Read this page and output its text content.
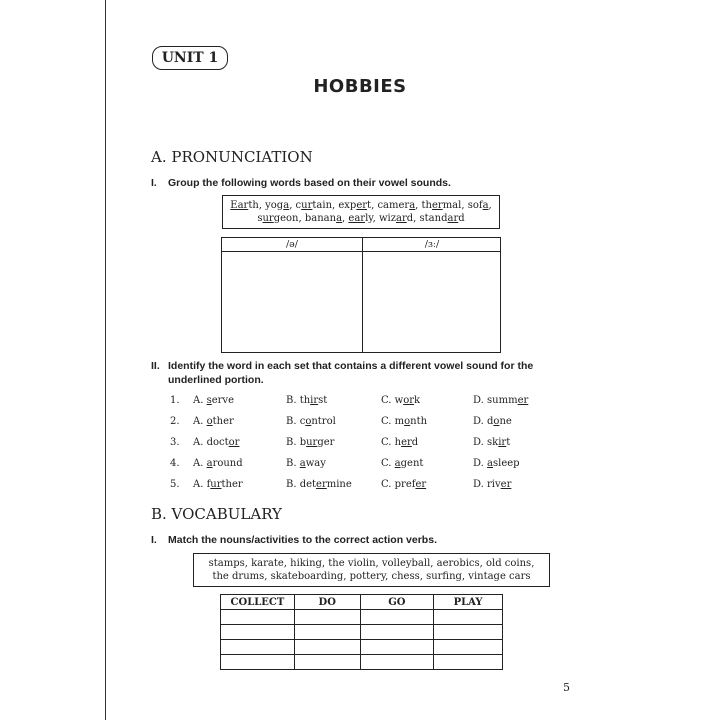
UNIT 1
HOBBIES
A. PRONUNCIATION
I. Group the following words based on their vowel sounds.
Earth, yoga, curtain, expert, camera, thermal, sofa,
surgeon, banana, early, wizard, standard
/ə/	/ɜː/
II. Identify the word in each set that contains a different vowel sound for the
underlined portion.
1. A. serve	B. thirst	C. work	D. summer
2. A. other	B. control	C. month	D. done
3. A. doctor	B. burger	C. herd	D. skirt
4. A. around	B. away	C. agent	D. asleep
5. A. further	B. determine	C. prefer	D. river
B. VOCABULARY
I. Match the nouns/activities to the correct action verbs.
stamps, karate, hiking, the violin, volleyball, aerobics, old coins,
the drums, skateboarding, pottery, chess, surfing, vintage cars
COLLECT	DO	GO	PLAY

5
